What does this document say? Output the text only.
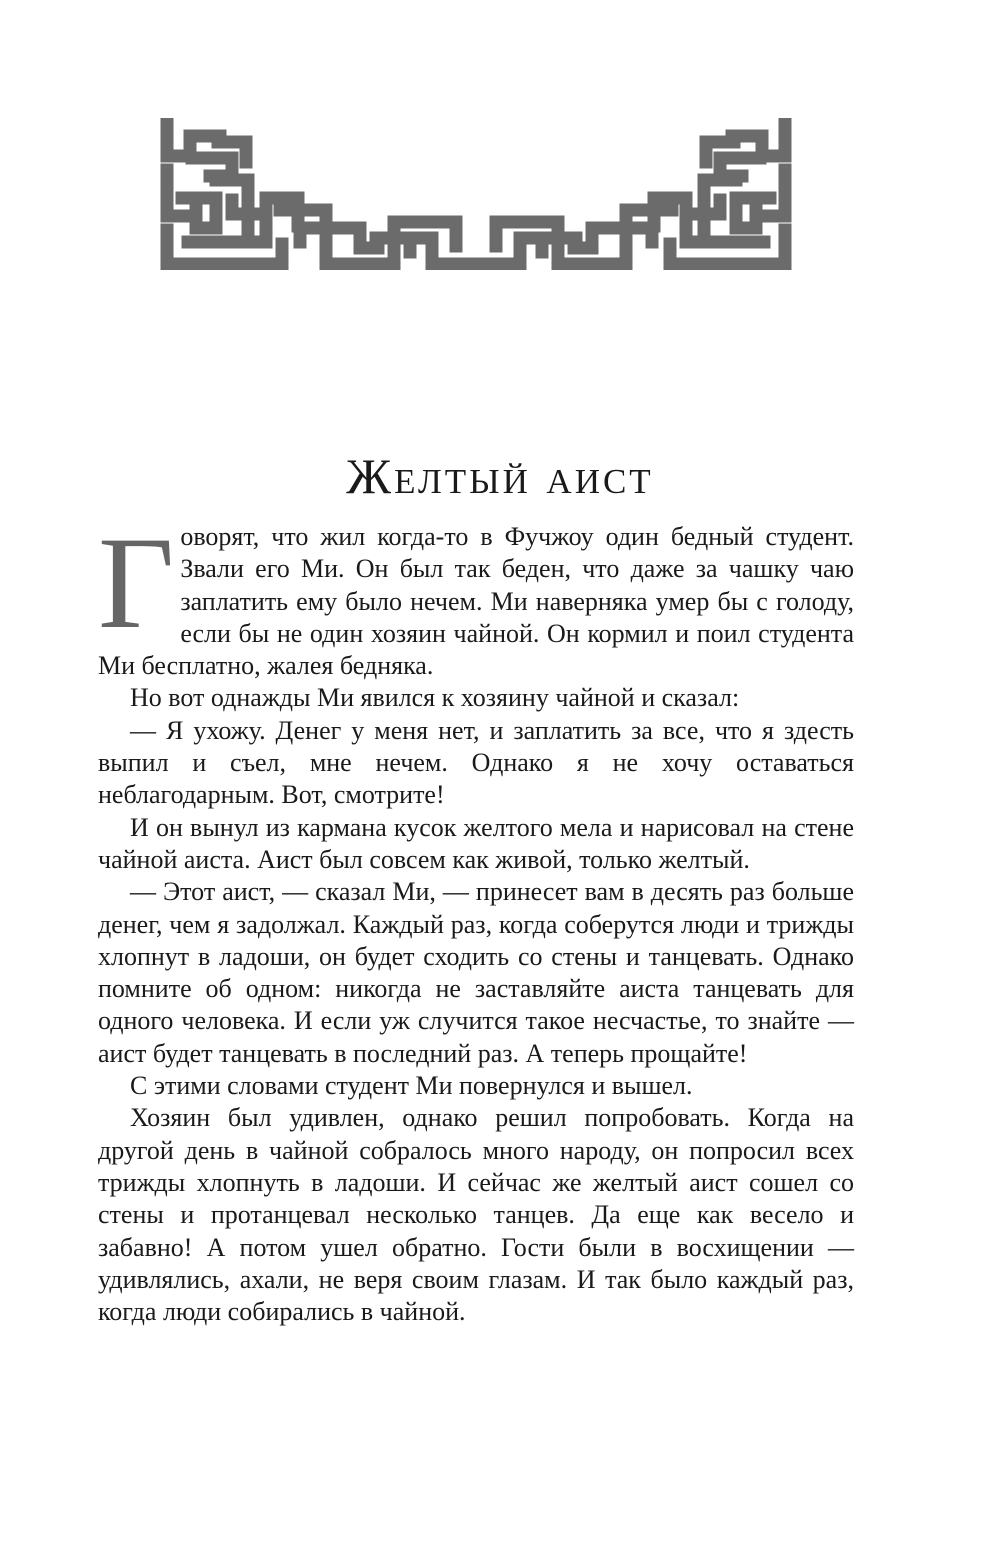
Желтый аист

Говорят, что жил когда-то в Фучжоу один бедный студент. Звали его Ми. Он был так беден, что даже за чашку чаю заплатить ему было нечем. Ми наверняка умер бы с голоду, если бы не один хозяин чайной. Он кормил и поил студента Ми бесплатно, жалея бедняка.

Но вот однажды Ми явился к хозяину чайной и сказал:

— Я ухожу. Денег у меня нет, и заплатить за все, что я здесть выпил и съел, мне нечем. Однако я не хочу оставаться неблагодарным. Вот, смотрите!

И он вынул из кармана кусок желтого мела и нарисовал на стене чайной аиста. Аист был совсем как живой, только желтый.

— Этот аист, — сказал Ми, — принесет вам в десять раз больше денег, чем я задолжал. Каждый раз, когда соберутся люди и трижды хлопнут в ладоши, он будет сходить со стены и танцевать. Однако помните об одном: никогда не заставляйте аиста танцевать для одного человека. И если уж случится такое несчастье, то знайте — аист будет танцевать в последний раз. А теперь прощайте!

С этими словами студент Ми повернулся и вышел.

Хозяин был удивлен, однако решил попробовать. Когда на другой день в чайной собралось много народу, он попросил всех трижды хлопнуть в ладоши. И сейчас же желтый аист сошел со стены и протанцевал несколько танцев. Да еще как весело и забавно! А потом ушел обратно. Гости были в восхищении — удивлялись, ахали, не веря своим глазам. И так было каждый раз, когда люди собирались в чайной.
